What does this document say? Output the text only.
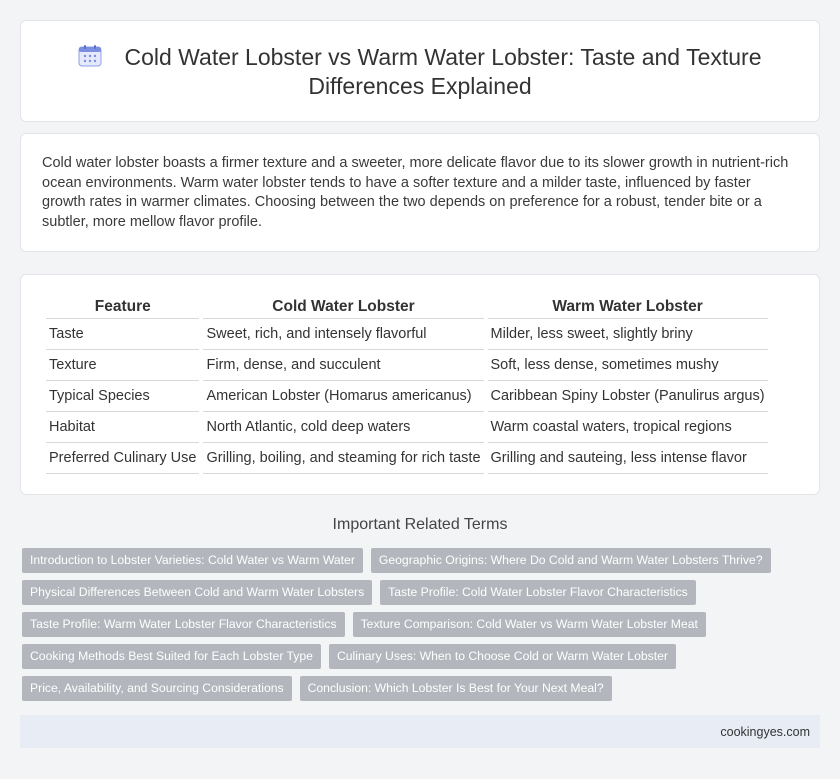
Cold Water Lobster vs Warm Water Lobster: Taste and Texture Differences Explained

Cold water lobster boasts a firmer texture and a sweeter, more delicate flavor due to its slower growth in nutrient-rich ocean environments. Warm water lobster tends to have a softer texture and a milder taste, influenced by faster growth rates in warmer climates. Choosing between the two depends on preference for a robust, tender bite or a subtler, more mellow flavor profile.

Feature	Cold Water Lobster	Warm Water Lobster
Taste	Sweet, rich, and intensely flavorful	Milder, less sweet, slightly briny
Texture	Firm, dense, and succulent	Soft, less dense, sometimes mushy
Typical Species	American Lobster (Homarus americanus)	Caribbean Spiny Lobster (Panulirus argus)
Habitat	North Atlantic, cold deep waters	Warm coastal waters, tropical regions
Preferred Culinary Use	Grilling, boiling, and steaming for rich taste	Grilling and sauteing, less intense flavor
Important Related Terms
Introduction to Lobster Varieties: Cold Water vs Warm Water	Geographic Origins: Where Do Cold and Warm Water Lobsters Thrive?
Physical Differences Between Cold and Warm Water Lobsters	Taste Profile: Cold Water Lobster Flavor Characteristics
Taste Profile: Warm Water Lobster Flavor Characteristics	Texture Comparison: Cold Water vs Warm Water Lobster Meat
Cooking Methods Best Suited for Each Lobster Type	Culinary Uses: When to Choose Cold or Warm Water Lobster
Price, Availability, and Sourcing Considerations	Conclusion: Which Lobster Is Best for Your Next Meal?
cookingyes.com
